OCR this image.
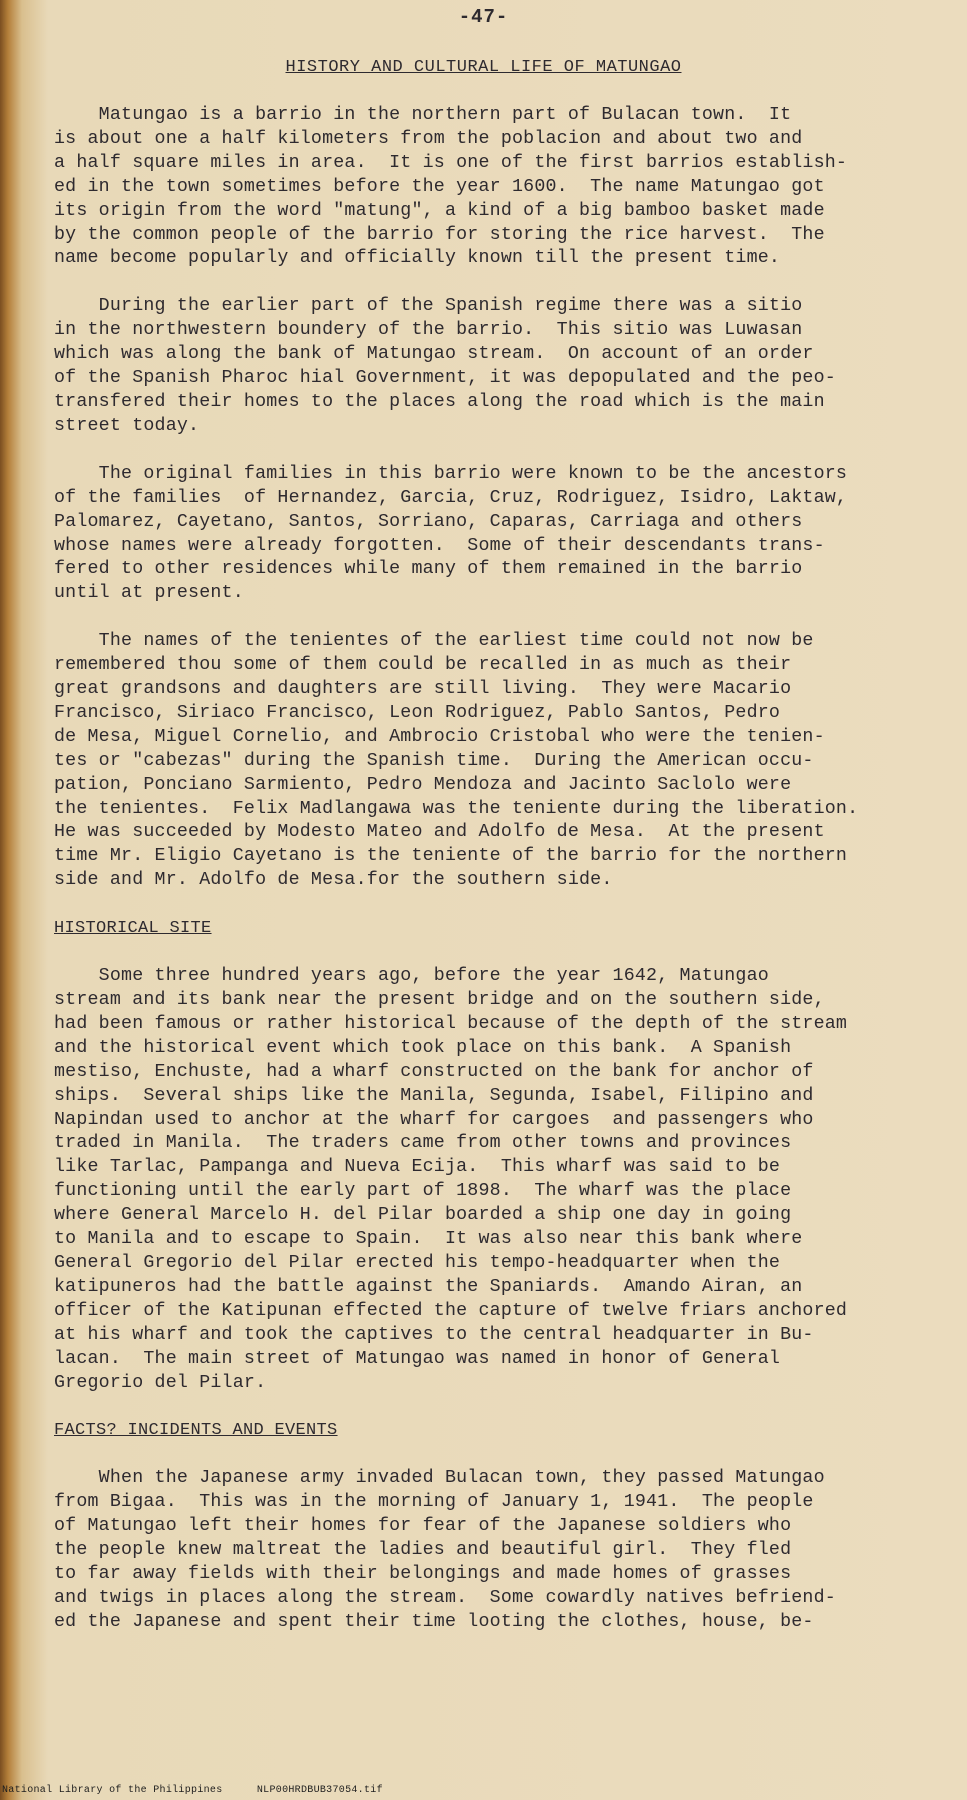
-47-
HISTORY AND CULTURAL LIFE OF MATUNGAO

Matungao is a barrio in the northern part of Bulacan town.  It
is about one a half kilometers from the poblacion and about two and
a half square miles in area.  It is one of the first barrios establish-
ed in the town sometimes before the year 1600.  The name Matungao got
its origin from the word "matung", a kind of a big bamboo basket made
by the common people of the barrio for storing the rice harvest.  The
name become popularly and officially known till the present time.

During the earlier part of the Spanish regime there was a sitio
in the northwestern boundery of the barrio.  This sitio was Luwasan
which was along the bank of Matungao stream.  On account of an order
of the Spanish Pharoc hial Government, it was depopulated and the peo-
transfered their homes to the places along the road which is the main
street today.

The original families in this barrio were known to be the ancestors
of the families  of Hernandez, Garcia, Cruz, Rodriguez, Isidro, Laktaw,
Palomarez, Cayetano, Santos, Sorriano, Caparas, Carriaga and others
whose names were already forgotten.  Some of their descendants trans-
fered to other residences while many of them remained in the barrio
until at present.

The names of the tenientes of the earliest time could not now be
remembered thou some of them could be recalled in as much as their
great grandsons and daughters are still living.  They were Macario
Francisco, Siriaco Francisco, Leon Rodriguez, Pablo Santos, Pedro
de Mesa, Miguel Cornelio, and Ambrocio Cristobal who were the tenien-
tes or "cabezas" during the Spanish time.  During the American occu-
pation, Ponciano Sarmiento, Pedro Mendoza and Jacinto Saclolo were
the tenientes.  Felix Madlangawa was the teniente during the liberation.
He was succeeded by Modesto Mateo and Adolfo de Mesa.  At the present
time Mr. Eligio Cayetano is the teniente of the barrio for the northern
side and Mr. Adolfo de Mesa.for the southern side.

HISTORICAL SITE

Some three hundred years ago, before the year 1642, Matungao
stream and its bank near the present bridge and on the southern side,
had been famous or rather historical because of the depth of the stream
and the historical event which took place on this bank.  A Spanish
mestiso, Enchuste, had a wharf constructed on the bank for anchor of
ships.  Several ships like the Manila, Segunda, Isabel, Filipino and
Napindan used to anchor at the wharf for cargoes  and passengers who
traded in Manila.  The traders came from other towns and provinces
like Tarlac, Pampanga and Nueva Ecija.  This wharf was said to be
functioning until the early part of 1898.  The wharf was the place
where General Marcelo H. del Pilar boarded a ship one day in going
to Manila and to escape to Spain.  It was also near this bank where
General Gregorio del Pilar erected his tempo-headquarter when the
katipuneros had the battle against the Spaniards.  Amando Airan, an
officer of the Katipunan effected the capture of twelve friars anchored
at his wharf and took the captives to the central headquarter in Bu-
lacan.  The main street of Matungao was named in honor of General
Gregorio del Pilar.

FACTS? INCIDENTS AND EVENTS

When the Japanese army invaded Bulacan town, they passed Matungao
from Bigaa.  This was in the morning of January 1, 1941.  The people
of Matungao left their homes for fear of the Japanese soldiers who
the people knew maltreat the ladies and beautiful girl.  They fled
to far away fields with their belongings and made homes of grasses
and twigs in places along the stream.  Some cowardly natives befriend-
ed the Japanese and spent their time looting the clothes, house, be-

National Library of the Philippines	NLP00HRDBUB37054.tif
